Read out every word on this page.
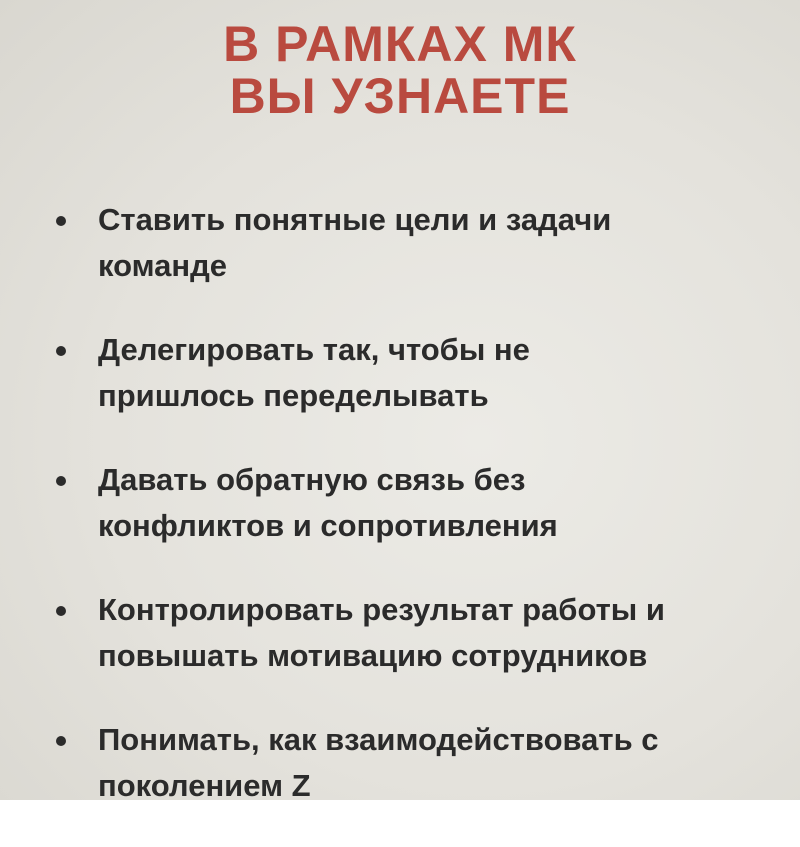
В РАМКАХ МК
ВЫ УЗНАЕТЕ
Ставить понятные цели и задачи
команде
Делегировать так, чтобы не
пришлось переделывать
Давать обратную связь без
конфликтов и сопротивления
Контролировать результат работы и
повышать мотивацию сотрудников
Понимать, как взаимодействовать с
поколением Z
